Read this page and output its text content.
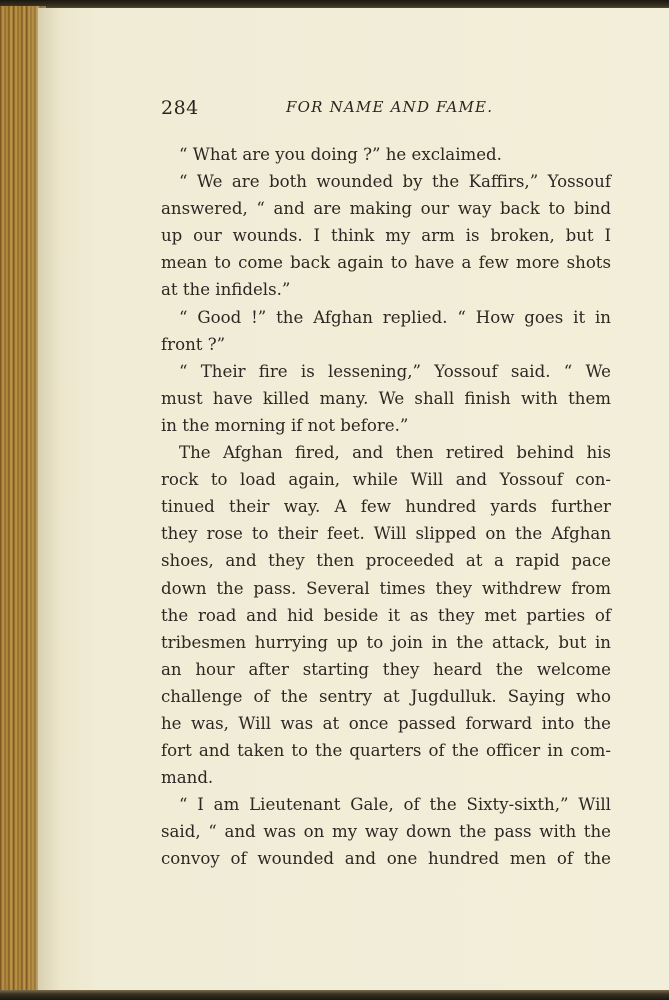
284	FOR NAME AND FAME.
“ What are you doing ?” he exclaimed.
“ We are both wounded by the Kaffirs,” Yossouf
answered, “ and are making our way back to bind
up our wounds. I think my arm is broken, but I
mean to come back again to have a few more shots
at the infidels.”
“ Good !” the Afghan replied. “ How goes it in
front ?”
“ Their fire is lessening,” Yossouf said. “ We
must have killed many. We shall finish with them
in the morning if not before.”
The Afghan fired, and then retired behind his
rock to load again, while Will and Yossouf con-
tinued their way. A few hundred yards further
they rose to their feet. Will slipped on the Afghan
shoes, and they then proceeded at a rapid pace
down the pass. Several times they withdrew from
the road and hid beside it as they met parties of
tribesmen hurrying up to join in the attack, but in
an hour after starting they heard the welcome
challenge of the sentry at Jugdulluk. Saying who
he was, Will was at once passed forward into the
fort and taken to the quarters of the officer in com-
mand.
“ I am Lieutenant Gale, of the Sixty-sixth,” Will
said, “ and was on my way down the pass with the
convoy of wounded and one hundred men of the
